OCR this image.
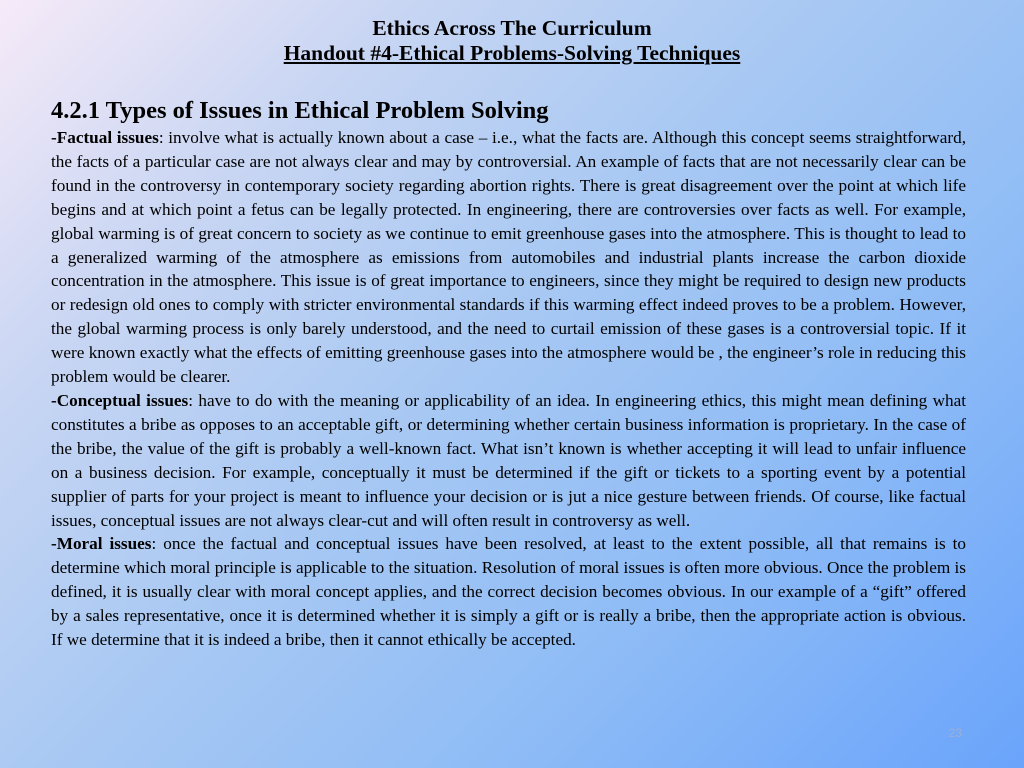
Ethics Across The Curriculum
Handout #4-Ethical Problems-Solving Techniques
4.2.1 Types of Issues in Ethical Problem Solving

-Factual issues: involve what is actually known about a case – i.e., what the facts are. Although this concept seems straightforward, the facts of a particular case are not always clear and may by controversial. An example of facts that are not necessarily clear can be found in the controversy in contemporary society regarding abortion rights. There is great disagreement over the point at which life begins and at which point a fetus can be legally protected. In engineering, there are controversies over facts as well. For example, global warming is of great concern to society as we continue to emit greenhouse gases into the atmosphere. This is thought to lead to a generalized warming of the atmosphere as emissions from automobiles and industrial plants increase the carbon dioxide concentration in the atmosphere. This issue is of great importance to engineers, since they might be required to design new products or redesign old ones to comply with stricter environmental standards if this warming effect indeed proves to be a problem. However, the global warming process is only barely understood, and the need to curtail emission of these gases is a controversial topic. If it were known exactly what the effects of emitting greenhouse gases into the atmosphere would be , the engineer’s role in reducing this problem would be clearer.

-Conceptual issues: have to do with the meaning or applicability of an idea. In engineering ethics, this might mean defining what constitutes a bribe as opposes to an acceptable gift, or determining whether certain business information is proprietary. In the case of the bribe, the value of the gift is probably a well-known fact. What isn’t known is whether accepting it will lead to unfair influence on a business decision. For example, conceptually it must be determined if the gift or tickets to a sporting event by a potential supplier of parts for your project is meant to influence your decision or is jut a nice gesture between friends. Of course, like factual issues, conceptual issues are not always clear-cut and will often result in controversy as well.

-Moral issues: once the factual and conceptual issues have been resolved, at least to the extent possible, all that remains is to determine which moral principle is applicable to the situation. Resolution of moral issues is often more obvious. Once the problem is defined, it is usually clear with moral concept applies, and the correct decision becomes obvious. In our example of a “gift” offered by a sales representative, once it is determined whether it is simply a gift or is really a bribe, then the appropriate action is obvious. If we determine that it is indeed a bribe, then it cannot ethically be accepted.

23
